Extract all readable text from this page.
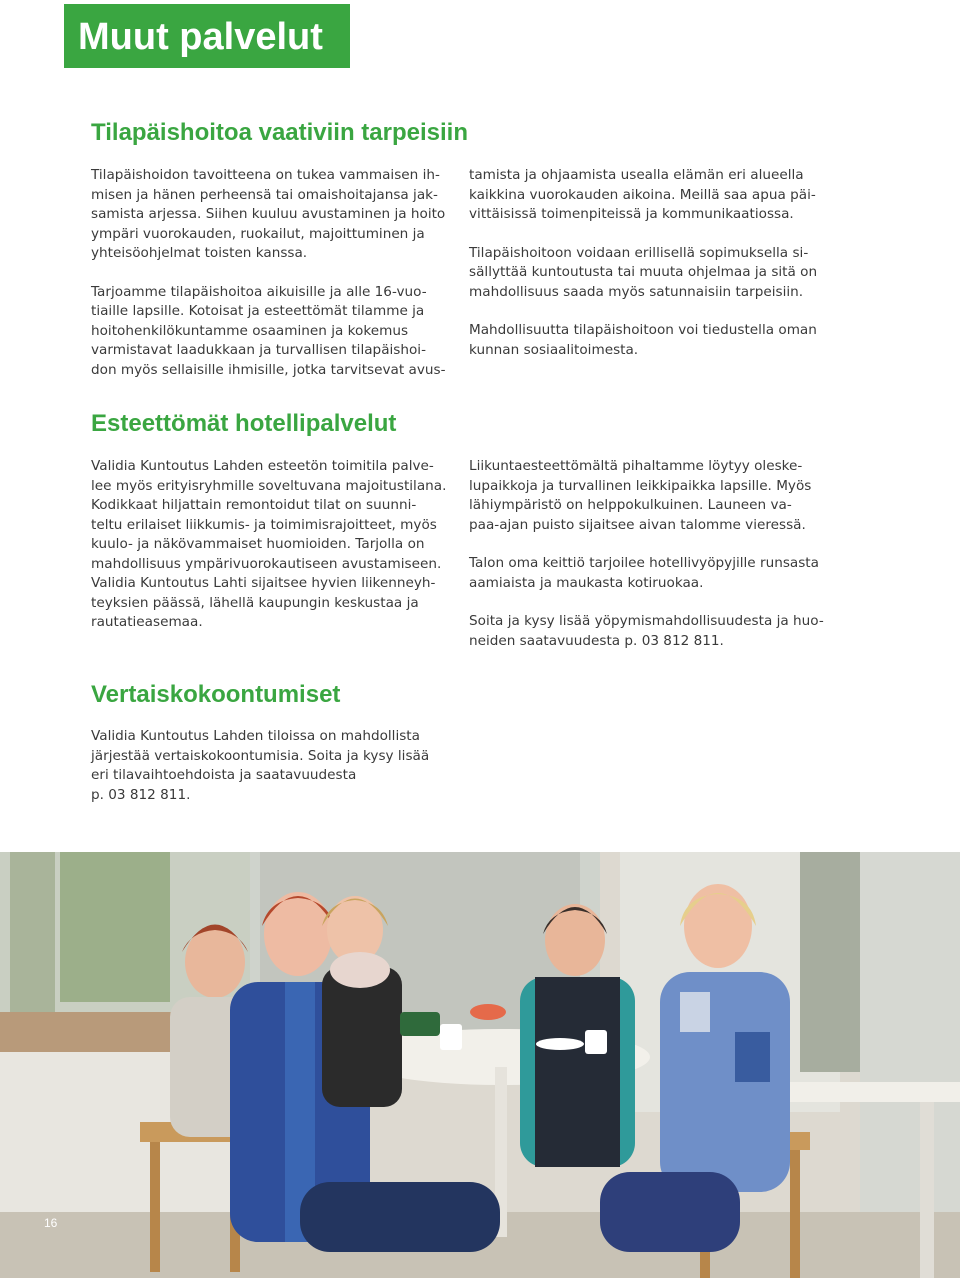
Muut palvelut
Tilapäishoitoa vaativiin tarpeisiin

Tilapäishoidon tavoitteena on tukea vammaisen ih-
misen ja hänen perheensä tai omaishoitajansa jak-
samista arjessa. Siihen kuuluu avustaminen ja hoito
ympäri vuorokauden, ruokailut, majoittuminen ja
yhteisöohjelmat toisten kanssa.

Tarjoamme tilapäishoitoa aikuisille ja alle 16-vuo-
tiaille lapsille. Kotoisat ja esteettömät tilamme ja
hoitohenkilökuntamme osaaminen ja kokemus
varmistavat laadukkaan ja turvallisen tilapäishoi-
don myös sellaisille ihmisille, jotka tarvitsevat avus-

tamista ja ohjaamista usealla elämän eri alueella
kaikkina vuorokauden aikoina. Meillä saa apua päi-
vittäisissä toimenpiteissä ja kommunikaatiossa.

Tilapäishoitoon voidaan erillisellä sopimuksella si-
sällyttää kuntoutusta tai muuta ohjelmaa ja sitä on
mahdollisuus saada myös satunnaisiin tarpeisiin.

Mahdollisuutta tilapäishoitoon voi tiedustella oman
kunnan sosiaalitoimesta.

Esteettömät hotellipalvelut

Validia Kuntoutus Lahden esteetön toimitila palve-
lee myös erityisryhmille soveltuvana majoitustilana.
Kodikkaat hiljattain remontoidut tilat on suunni-
teltu erilaiset liikkumis- ja toimimisrajoitteet, myös
kuulo- ja näkövammaiset huomioiden. Tarjolla on
mahdollisuus ympärivuorokautiseen avustamiseen.
Validia Kuntoutus Lahti sijaitsee hyvien liikenneyh-
teyksien päässä, lähellä kaupungin keskustaa ja
rautatieasemaa.

Liikuntaesteettömältä pihaltamme löytyy oleske-
lupaikkoja ja turvallinen leikkipaikka lapsille. Myös
lähiympäristö on helppokulkuinen. Launeen va-
paa-ajan puisto sijaitsee aivan talomme vieressä.

Talon oma keittiö tarjoilee hotellivyöpyjille runsasta
aamiaista ja maukasta kotiruokaa.

Soita ja kysy lisää yöpymismahdollisuudesta ja huo-
neiden saatavuudesta p. 03 812 811.

Vertaiskokoontumiset

Validia Kuntoutus Lahden tiloissa on mahdollista
järjestää vertaiskokoontumisia. Soita ja kysy lisää
eri tilavaihtoehdoista ja saatavuudesta
p. 03 812 811.

16
